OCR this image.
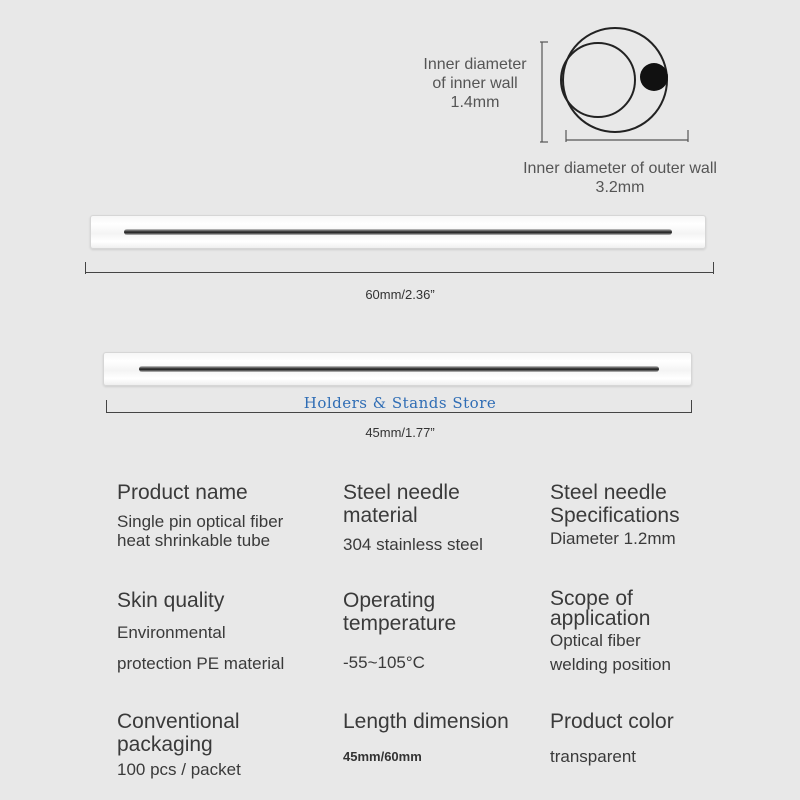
Inner diameter
of inner wall
1.4mm
Inner diameter of outer wall
3.2mm
60mm/2.36”
45mm/1.77”
Holders & Stands Store
Product name
Single pin optical fiber
heat shrinkable tube
Steel needle
material
304 stainless steel
Steel needle
Specifications
Diameter 1.2mm
Skin quality
Environmental
protection PE material
Operating
temperature
-55~105°C
Scope of
application
Optical fiber
welding position
Conventional
packaging
100 pcs / packet
Length dimension
45mm/60mm
Product color
transparent
